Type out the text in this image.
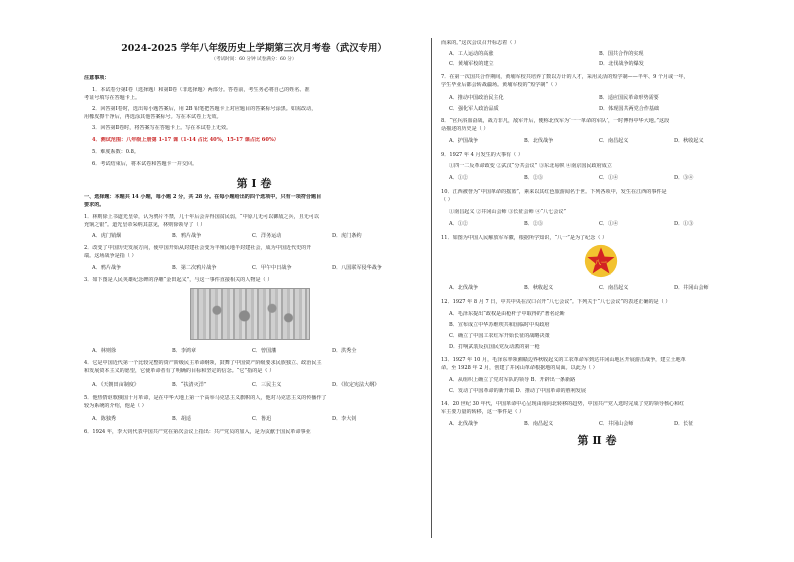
2024-2025 学年八年级历史上学期第三次月考卷（武汉专用）
（考试时间：60 分钟 试卷满分：60 分）
注意事项：
1．本试卷分第Ⅰ卷（选择题）和第Ⅱ卷（非选择题）两部分。答卷前，考生务必将自己的姓名、准
考证号填写在答题卡上。
2．回答第Ⅰ卷时，选出每小题答案后，用 2B 铅笔把答题卡上对应题目的答案标号涂黑。如需改动，
用橡皮擦干净后，再选涂其他答案标号。写在本试卷上无效。
3．回答第Ⅱ卷时，将答案写在答题卡上。写在本试卷上无效。
4．测试范围：八年级上册第 1-17 课（1-14 占比 40%，15-17 课占比 60%）
5．难度系数：0.8。
6．考试结束后，将本试卷和答题卡一并交回。
第 Ⅰ 卷
一、选择题：本题共 14 小题，每小题 2 分，共 28 分。在每小题给出的四个选项中，只有一项符合题目
要求的。
1．林则徐上书道光皇帝，认为鸦片不禁，几十年后会弄得国贫民弱，“中原几无可以御敌之兵，且无可以
充饷之银”。道光皇帝采纳其意见，林则徐领导了（ ）
A．虎门销烟	B．鸦片战争	C．洋务运动	D．虎门条约
2．改变了中国历史发展方向，使中国开始从封建社会变为半殖民地半封建社会，成为中国近代史的开
端。这场战争是指（ ）
A．鸦片战争	B．第二次鸦片战争	C．甲午中日战争	D．八国联军侵华战争
3．如下图是人民英雄纪念碑的浮雕“金田起义”，与这一事件直接相关的人物是（ ）
A．林则徐	B．李鸿章	C．曾国藩	D．洪秀全
4．它是中国近代第一个比较完整的资产阶级民主革命纲领，鼓舞了中国资产阶级要求民族独立、政治民主
和发展资本主义的愿望，它使革命者有了明确的目标和坚定的信念。“它”指的是（ ）
A．《天朝田亩制度》	B．“扶清灭洋”	C．三民主义	D．《钦定宪法大纲》
5．他热情讴歌俄国十月革命，是在中华大地上第一个高举马克思主义旗帜的人，他对马克思主义的传播作了
较为系统的介绍，他是（ ）
A．陈独秀	B．胡适	C．鲁迅	D．李大钊
6．1924 年，李大钊代表中国共产党在第次会议上指出：共产党员的加入，是为贡献于国民革命事业
而来的。”这次会议召开标志着（ ）
A．工人运动的高涨	B．国共合作的实现
C．黄埔军校的建立	D．北伐战争的爆发
7．在第一次国共合作期间，黄埔军校共培养了数以万计的人才，采用灵活的短学制——半年、9 个月或一年，
学生毕业后都会转战疆场。黄埔军校的“短学制”（ ）
A．推动中国政治民主化	B．适应国民革命形势需要
C．强化军人政治品质	D．体现国共两党合作基础
8．“官兵浴血奋战，战力非凡，敌军开后，便称北伐军为‘一一革命的军队’，一时博得中华大地。”这段
话描述的历史是（ ）
A．护国战争	B．北伐战争	C．南昌起义	D．秋收起义
9．1927 年 4 月发生的大事有（ ）
①四一二反革命政变 ②武汉“分共会议” ③东北易帜 ④南京国民政府成立
A．①②	B．②③	C．①④	D．③④
10．江西被誉为“中国革命的摇篮”，素来以其红色旅游闻名于世。下列各项中，发生在江西的事件是
（ ）
①南昌起义 ②井冈山会师 ③长征会师 ④“八七会议”
A．①②	B．②③	C．①④	D．①③
11．如图为中国人民解放军军徽，根据所学知识，“八一”是为了纪念（ ）
八一
A．北伐战争	B．秋收起义	C．南昌起义	D．井冈山会师
12．1927 年 8 月 7 日，中共中央在汉口召开“八七会议”。下列关于“八七会议”的表述正确的是（ ）
A．毛泽东提出“政权是由枪杆子中取得的”著名论断
B．宣布成立中华苏维埃共和国临时中央政府
C．确立了中国工农红军开始长征的战略决策
D．打响武装反抗国民党反动派的第一枪
13．1927 年 10 月，毛泽东率领湘赣边界秋收起义的工农革命军到达井冈山地区开展游击战争，建立土地革
命。至 1928 年 2 月，创建了井冈山革命根据地的局面。以此为（ ）
A．从组织上确立了党对军队的领导 B．开辟出一条新路
C．发动了中国革命的新开端 D．推动了中国革命的胜利发展
14．20 世纪 30 年代，中国革命中心呈现由南向北转移的趋势，中国共产党人选时完成了党的领导核心和红
军主要力量的转移，这一事件是（ ）
A．北伐战争	B．南昌起义	C．井冈山会师	D．长征
第 Ⅱ 卷
